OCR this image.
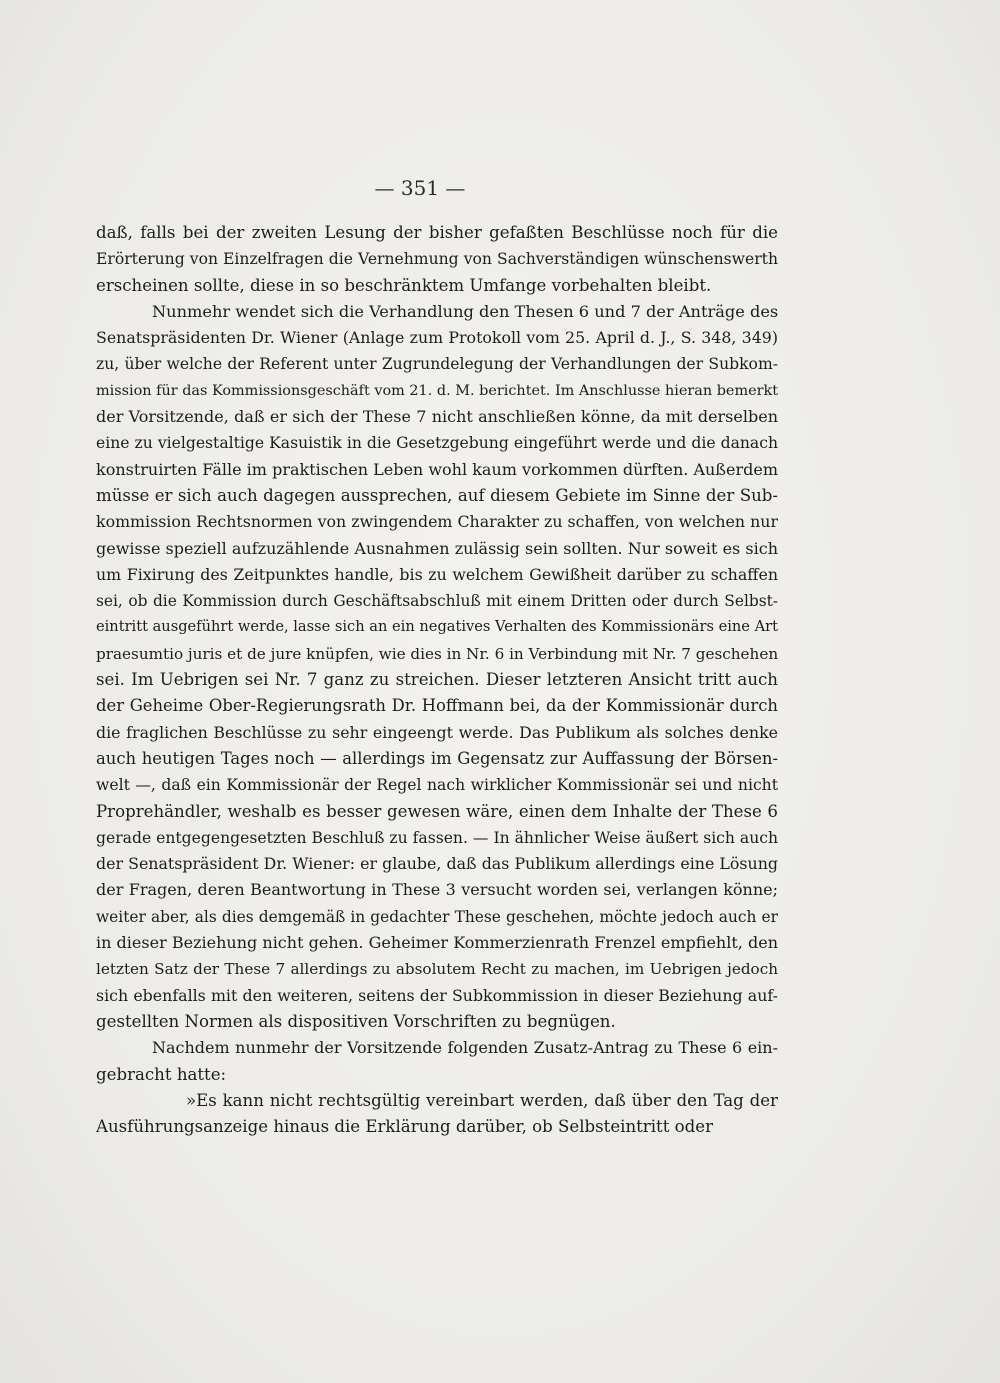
— 351 —
daß, falls bei der zweiten Lesung der bisher gefaßten Beschlüsse noch für die
Erörterung von Einzelfragen die Vernehmung von Sachverständigen wünschenswerth
erscheinen sollte, diese in so beschränktem Umfange vorbehalten bleibt.
Nunmehr wendet sich die Verhandlung den Thesen 6 und 7 der Anträge des
Senatspräsidenten Dr. Wiener (Anlage zum Protokoll vom 25. April d. J., S. 348, 349)
zu, über welche der Referent unter Zugrundelegung der Verhandlungen der Subkom-
mission für das Kommissionsgeschäft vom 21. d. M. berichtet. Im Anschlusse hieran bemerkt
der Vorsitzende, daß er sich der These 7 nicht anschließen könne, da mit derselben
eine zu vielgestaltige Kasuistik in die Gesetzgebung eingeführt werde und die danach
konstruirten Fälle im praktischen Leben wohl kaum vorkommen dürften. Außerdem
müsse er sich auch dagegen aussprechen, auf diesem Gebiete im Sinne der Sub-
kommission Rechtsnormen von zwingendem Charakter zu schaffen, von welchen nur
gewisse speziell aufzuzählende Ausnahmen zulässig sein sollten. Nur soweit es sich
um Fixirung des Zeitpunktes handle, bis zu welchem Gewißheit darüber zu schaffen
sei, ob die Kommission durch Geschäftsabschluß mit einem Dritten oder durch Selbst-
eintritt ausgeführt werde, lasse sich an ein negatives Verhalten des Kommissionärs eine Art
praesumtio juris et de jure knüpfen, wie dies in Nr. 6 in Verbindung mit Nr. 7 geschehen
sei. Im Uebrigen sei Nr. 7 ganz zu streichen. Dieser letzteren Ansicht tritt auch
der Geheime Ober-Regierungsrath Dr. Hoffmann bei, da der Kommissionär durch
die fraglichen Beschlüsse zu sehr eingeengt werde. Das Publikum als solches denke
auch heutigen Tages noch — allerdings im Gegensatz zur Auffassung der Börsen-
welt —, daß ein Kommissionär der Regel nach wirklicher Kommissionär sei und nicht
Proprehändler, weshalb es besser gewesen wäre, einen dem Inhalte der These 6
gerade entgegengesetzten Beschluß zu fassen. — In ähnlicher Weise äußert sich auch
der Senatspräsident Dr. Wiener: er glaube, daß das Publikum allerdings eine Lösung
der Fragen, deren Beantwortung in These 3 versucht worden sei, verlangen könne;
weiter aber, als dies demgemäß in gedachter These geschehen, möchte jedoch auch er
in dieser Beziehung nicht gehen. Geheimer Kommerzienrath Frenzel empfiehlt, den
letzten Satz der These 7 allerdings zu absolutem Recht zu machen, im Uebrigen jedoch
sich ebenfalls mit den weiteren, seitens der Subkommission in dieser Beziehung auf-
gestellten Normen als dispositiven Vorschriften zu begnügen.
Nachdem nunmehr der Vorsitzende folgenden Zusatz-Antrag zu These 6 ein-
gebracht hatte:
»Es kann nicht rechtsgültig vereinbart werden, daß über den Tag der
Ausführungsanzeige hinaus die Erklärung darüber, ob Selbsteintritt oder
